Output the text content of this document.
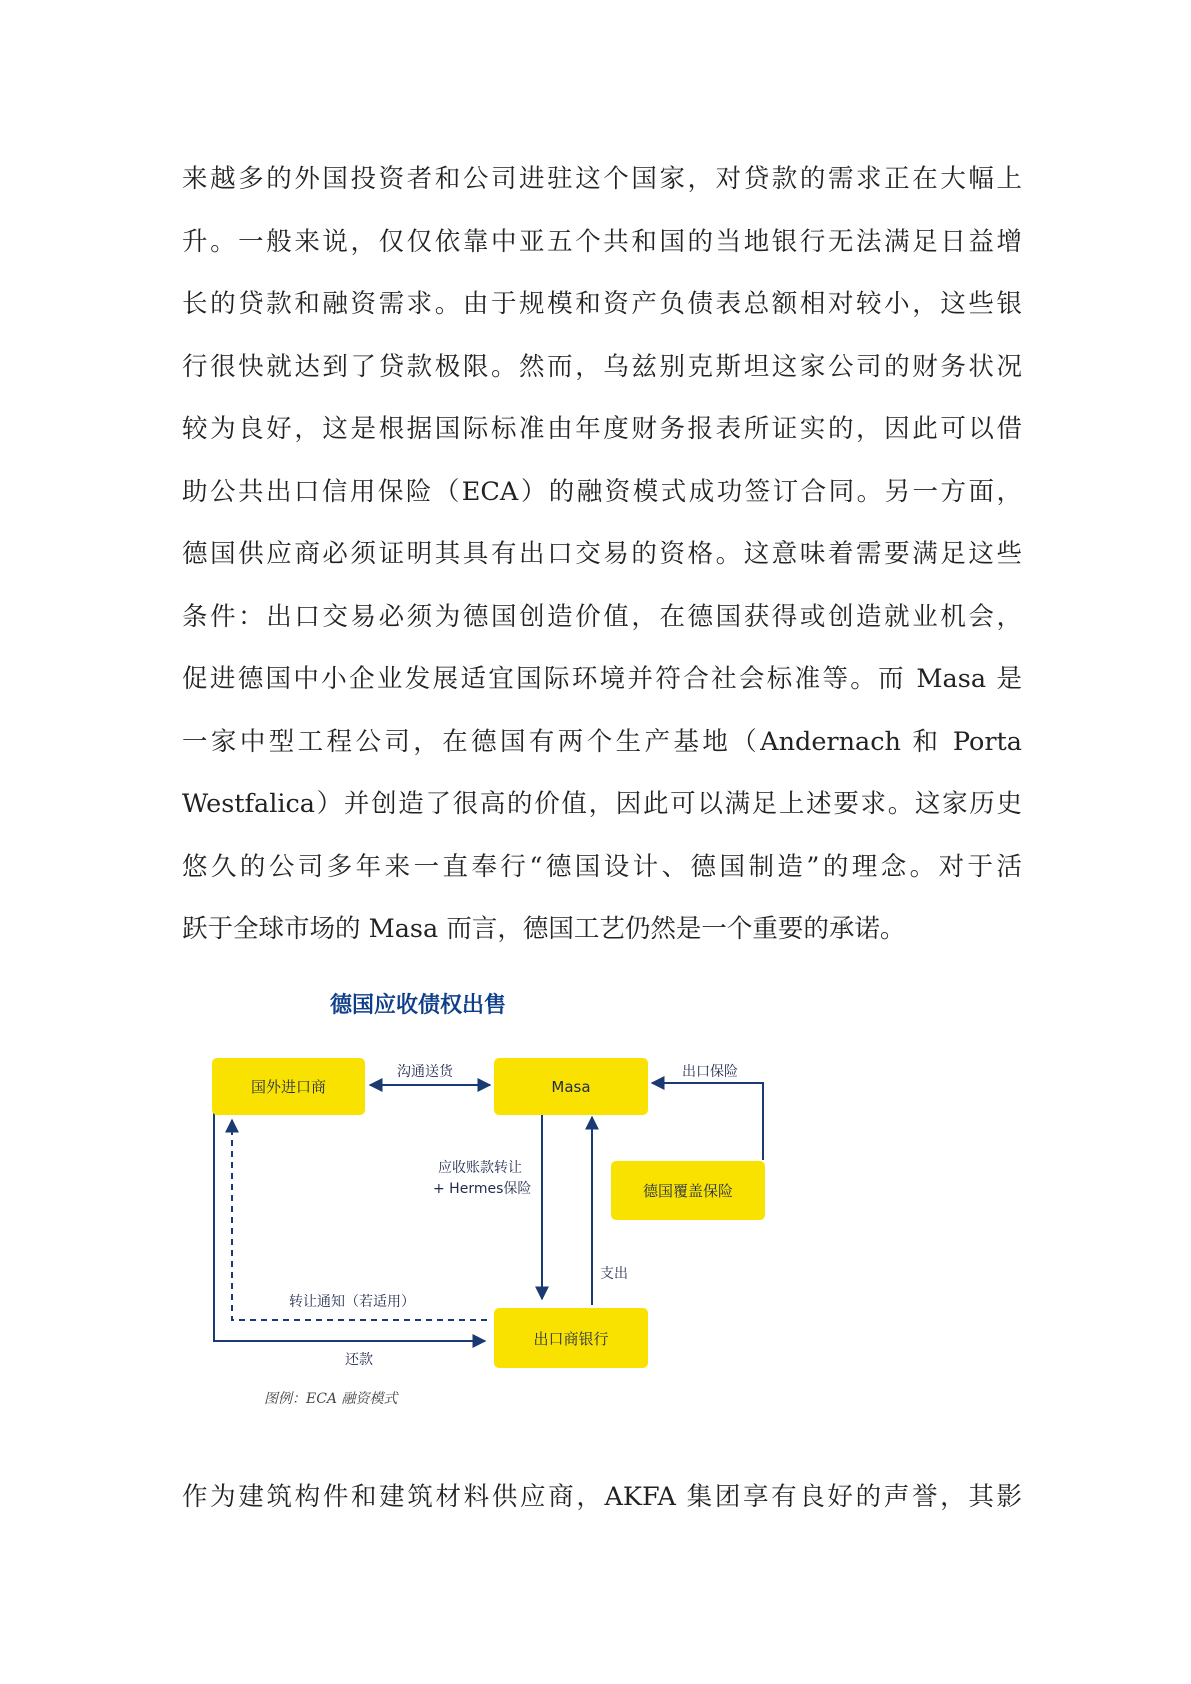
来越多的外国投资者和公司进驻这个国家，对贷款的需求正在大幅上
升。一般来说，仅仅依靠中亚五个共和国的当地银行无法满足日益增
长的贷款和融资需求。由于规模和资产负债表总额相对较小，这些银
行很快就达到了贷款极限。然而，乌兹别克斯坦这家公司的财务状况
较为良好，这是根据国际标准由年度财务报表所证实的，因此可以借
助公共出口信用保险（ECA）的融资模式成功签订合同。另一方面，
德国供应商必须证明其具有出口交易的资格。这意味着需要满足这些
条件：出口交易必须为德国创造价值，在德国获得或创造就业机会，
促进德国中小企业发展适宜国际环境并符合社会标准等。而 Masa 是
一家中型工程公司，在德国有两个生产基地（Andernach 和 Porta
Westfalica）并创造了很高的价值，因此可以满足上述要求。这家历史
悠久的公司多年来一直奉行“德国设计、德国制造”的理念。对于活
跃于全球市场的 Masa 而言，德国工艺仍然是一个重要的承诺。
德国应收债权出售
国外进口商	Masa
德国覆盖保险
出口商银行
沟通送货	出口保险
应收账款转让
+ Hermes保险
支出
转让通知（若适用）
还款
图例：ECA 融资模式
作为建筑构件和建筑材料供应商，AKFA 集团享有良好的声誉，其影
